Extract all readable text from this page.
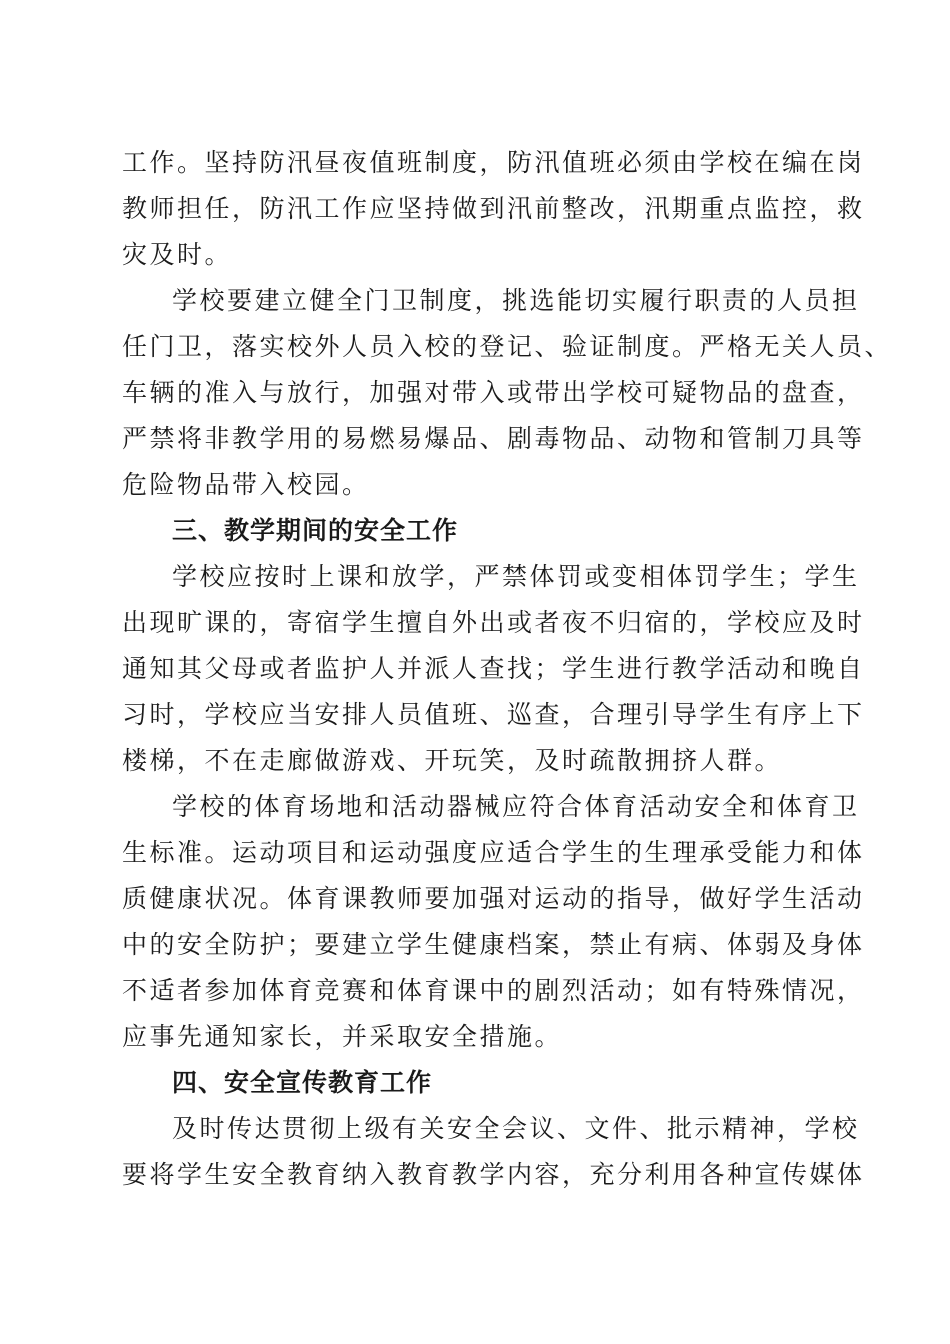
工作。坚持防汛昼夜值班制度，防汛值班必须由学校在编在岗
教师担任，防汛工作应坚持做到汛前整改，汛期重点监控，救
灾及时。
学校要建立健全门卫制度，挑选能切实履行职责的人员担
任门卫，落实校外人员入校的登记、验证制度。严格无关人员、
车辆的准入与放行，加强对带入或带出学校可疑物品的盘查，
严禁将非教学用的易燃易爆品、剧毒物品、动物和管制刀具等
危险物品带入校园。
三、教学期间的安全工作
学校应按时上课和放学，严禁体罚或变相体罚学生；学生
出现旷课的，寄宿学生擅自外出或者夜不归宿的，学校应及时
通知其父母或者监护人并派人查找；学生进行教学活动和晚自
习时，学校应当安排人员值班、巡查，合理引导学生有序上下
楼梯，不在走廊做游戏、开玩笑，及时疏散拥挤人群。
学校的体育场地和活动器械应符合体育活动安全和体育卫
生标准。运动项目和运动强度应适合学生的生理承受能力和体
质健康状况。体育课教师要加强对运动的指导，做好学生活动
中的安全防护；要建立学生健康档案，禁止有病、体弱及身体
不适者参加体育竞赛和体育课中的剧烈活动；如有特殊情况，
应事先通知家长，并采取安全措施。
四、安全宣传教育工作
及时传达贯彻上级有关安全会议、文件、批示精神，学校
要将学生安全教育纳入教育教学内容，充分利用各种宣传媒体
